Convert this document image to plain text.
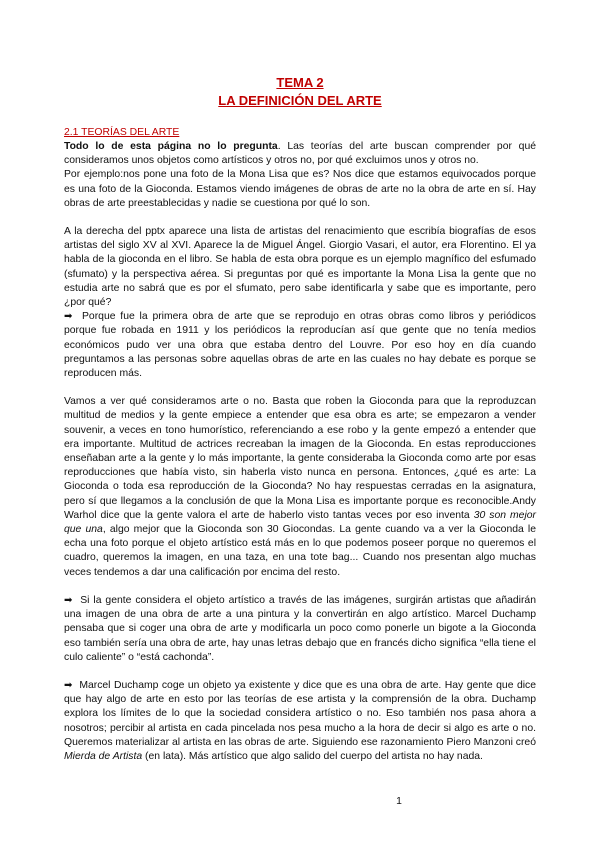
TEMA 2
LA DEFINICIÓN DEL ARTE
2.1 TEORÍAS DEL ARTE

Todo lo de esta página no lo pregunta. Las teorías del arte buscan comprender por qué consideramos unos objetos como artísticos y otros no, por qué excluimos unos y otros no.

Por ejemplo:nos pone una foto de la Mona Lisa que es? Nos dice que estamos equivocados porque es una foto de la Gioconda. Estamos viendo imágenes de obras de arte no la obra de arte en sí. Hay obras de arte preestablecidas y nadie se cuestiona por qué lo son.

A la derecha del pptx aparece una lista de artistas del renacimiento que escribía biografías de esos artistas del siglo XV al XVI. Aparece la de Miguel Ángel. Giorgio Vasari, el autor, era Florentino. El ya habla de la gioconda en el libro. Se habla de esta obra porque es un ejemplo magnífico del esfumado (sfumato) y la perspectiva aérea. Si preguntas por qué es importante la Mona Lisa la gente que no estudia arte no sabrá que es por el sfumato, pero sabe identificarla y sabe que es importante, pero ¿por qué?

➡ Porque fue la primera obra de arte que se reprodujo en otras obras como libros y periódicos porque fue robada en 1911 y los periódicos la reproducían así que gente que no tenía medios económicos pudo ver una obra que estaba dentro del Louvre. Por eso hoy en día cuando preguntamos a las personas sobre aquellas obras de arte en las cuales no hay debate es porque se reproducen más.

Vamos a ver qué consideramos arte o no. Basta que roben la Gioconda para que la reproduzcan multitud de medios y la gente empiece a entender que esa obra es arte; se empezaron a vender souvenir, a veces en tono humorístico, referenciando a ese robo y la gente empezó a entender que era importante. Multitud de actrices recreaban la imagen de la Gioconda. En estas reproducciones enseñaban arte a la gente y lo más importante, la gente consideraba la Gioconda como arte por esas reproducciones que había visto, sin haberla visto nunca en persona. Entonces, ¿qué es arte: La Gioconda o toda esa reproducción de la Gioconda? No hay respuestas cerradas en la asignatura, pero sí que llegamos a la conclusión de que la Mona Lisa es importante porque es reconocible.Andy Warhol dice que la gente valora el arte de haberlo visto tantas veces por eso inventa 30 son mejor que una, algo mejor que la Gioconda son 30 Giocondas. La gente cuando va a ver la Gioconda le echa una foto porque el objeto artístico está más en lo que podemos poseer porque no queremos el cuadro, queremos la imagen, en una taza, en una tote bag... Cuando nos presentan algo muchas veces tendemos a dar una calificación por encima del resto.

➡ Si la gente considera el objeto artístico a través de las imágenes, surgirán artistas que añadirán una imagen de una obra de arte a una pintura y la convertirán en algo artístico. Marcel Duchamp pensaba que si coger una obra de arte y modificarla un poco como ponerle un bigote a la Gioconda eso también sería una obra de arte, hay unas letras debajo que en francés dicho significa “ella tiene el culo caliente” o “está cachonda”.

➡ Marcel Duchamp coge un objeto ya existente y dice que es una obra de arte. Hay gente que dice que hay algo de arte en esto por las teorías de ese artista y la comprensión de la obra. Duchamp explora los límites de lo que la sociedad considera artístico o no. Eso también nos pasa ahora a nosotros; percibir al artista en cada pincelada nos pesa mucho a la hora de decir si algo es arte o no. Queremos materializar al artista en las obras de arte. Siguiendo ese razonamiento Piero Manzoni creó Mierda de Artista (en lata). Más artístico que algo salido del cuerpo del artista no hay nada.

1
